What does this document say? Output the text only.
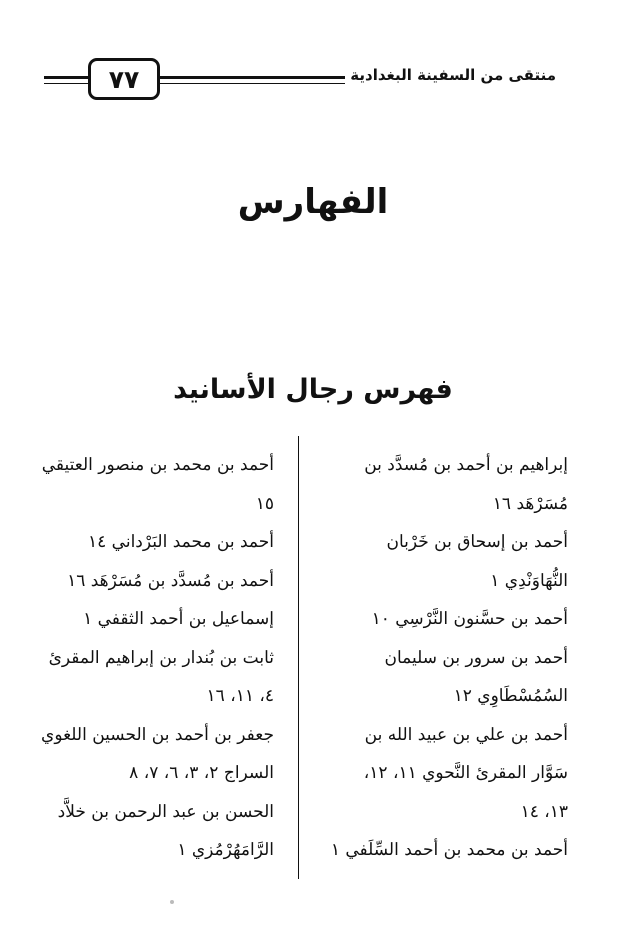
٧٧	منتقى من السفينة البغدادية
الفهارس
فهرس رجال الأسانيد
إبراهيم بن أحمد بن مُسدَّد بن
مُسَرْهَد ١٦
أحمد بن إسحاق بن خَرْبان
النُّهَاوَنْدِي ١
أحمد بن حسَّنون النَّرْسِي ١٠
أحمد بن سرور بن سليمان
السُمُسْطَاوِي ١٢
أحمد بن علي بن عبيد الله بن
سَوَّار المقرئ النَّحوي ١١، ١٢،
١٣، ١٤
أحمد بن محمد بن أحمد السِّلَفي ١
أحمد بن محمد بن منصور العتيقي
١٥
أحمد بن محمد البَرْداني ١٤
أحمد بن مُسدَّد بن مُسَرْهَد ١٦
إسماعيل بن أحمد الثقفي ١
ثابت بن بُندار بن إبراهيم المقرئ
٤، ١١، ١٦
جعفر بن أحمد بن الحسين اللغوي
السراج ٢، ٣، ٦، ٧، ٨
الحسن بن عبد الرحمن بن خلاَّد
الرَّامَهُرْمُزي ١
